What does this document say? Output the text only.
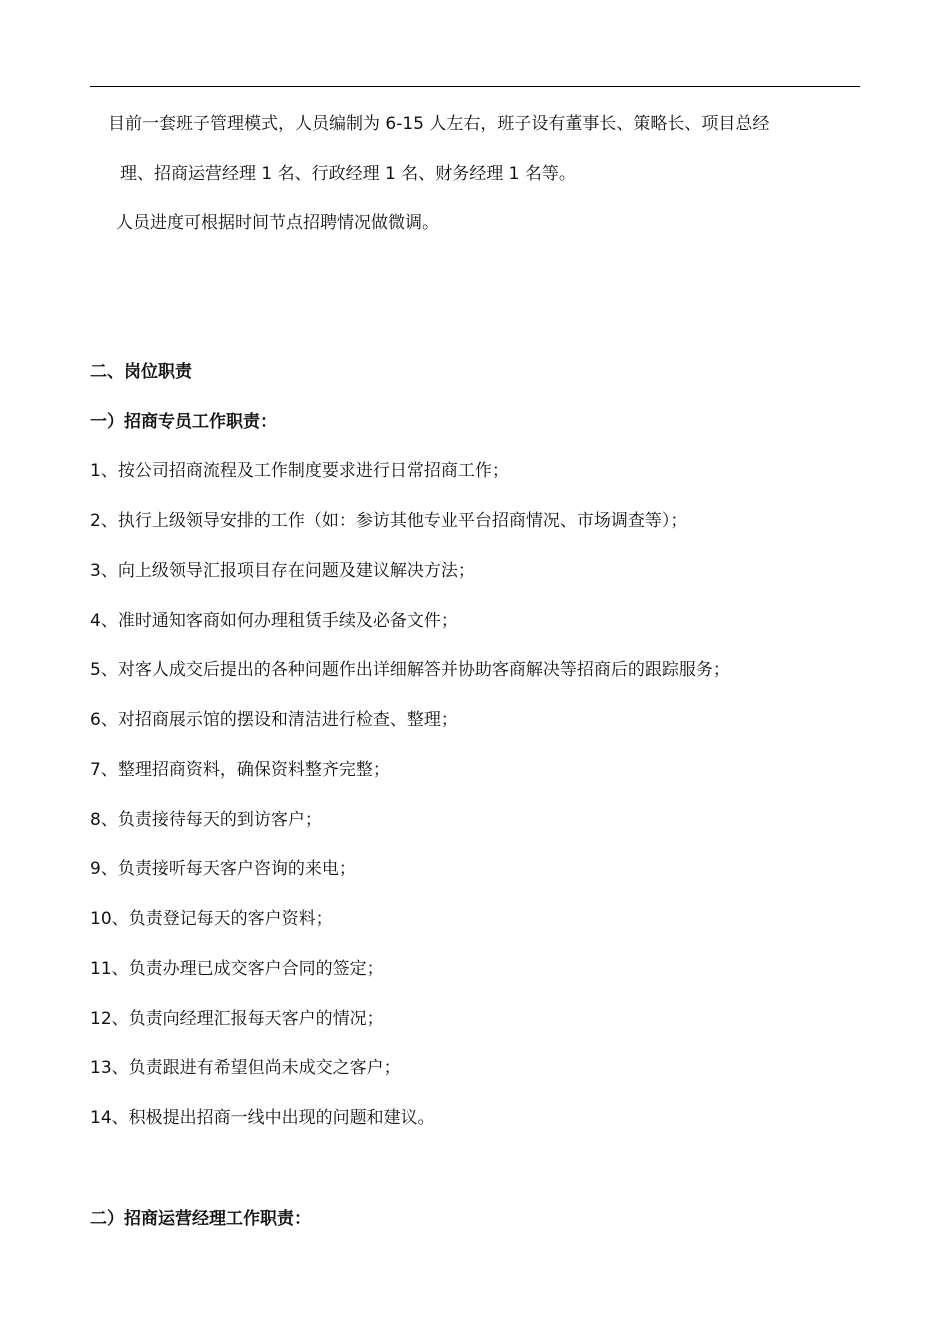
目前一套班子管理模式，人员编制为 6-15 人左右，班子设有董事长、策略长、项目总经
理、招商运营经理 1 名、行政经理 1 名、财务经理 1 名等。
人员进度可根据时间节点招聘情况做微调。
二、岗位职责
一）招商专员工作职责：
1、按公司招商流程及工作制度要求进行日常招商工作；
2、执行上级领导安排的工作（如：参访其他专业平台招商情况、市场调查等）；
3、向上级领导汇报项目存在问题及建议解决方法；
4、准时通知客商如何办理租赁手续及必备文件；
5、对客人成交后提出的各种问题作出详细解答并协助客商解决等招商后的跟踪服务；
6、对招商展示馆的摆设和清洁进行检查、整理；
7、整理招商资料，确保资料整齐完整；
8、负责接待每天的到访客户；
9、负责接听每天客户咨询的来电；
10、负责登记每天的客户资料；
11、负责办理已成交客户合同的签定；
12、负责向经理汇报每天客户的情况；
13、负责跟进有希望但尚未成交之客户；
14、积极提出招商一线中出现的问题和建议。
二）招商运营经理工作职责：
